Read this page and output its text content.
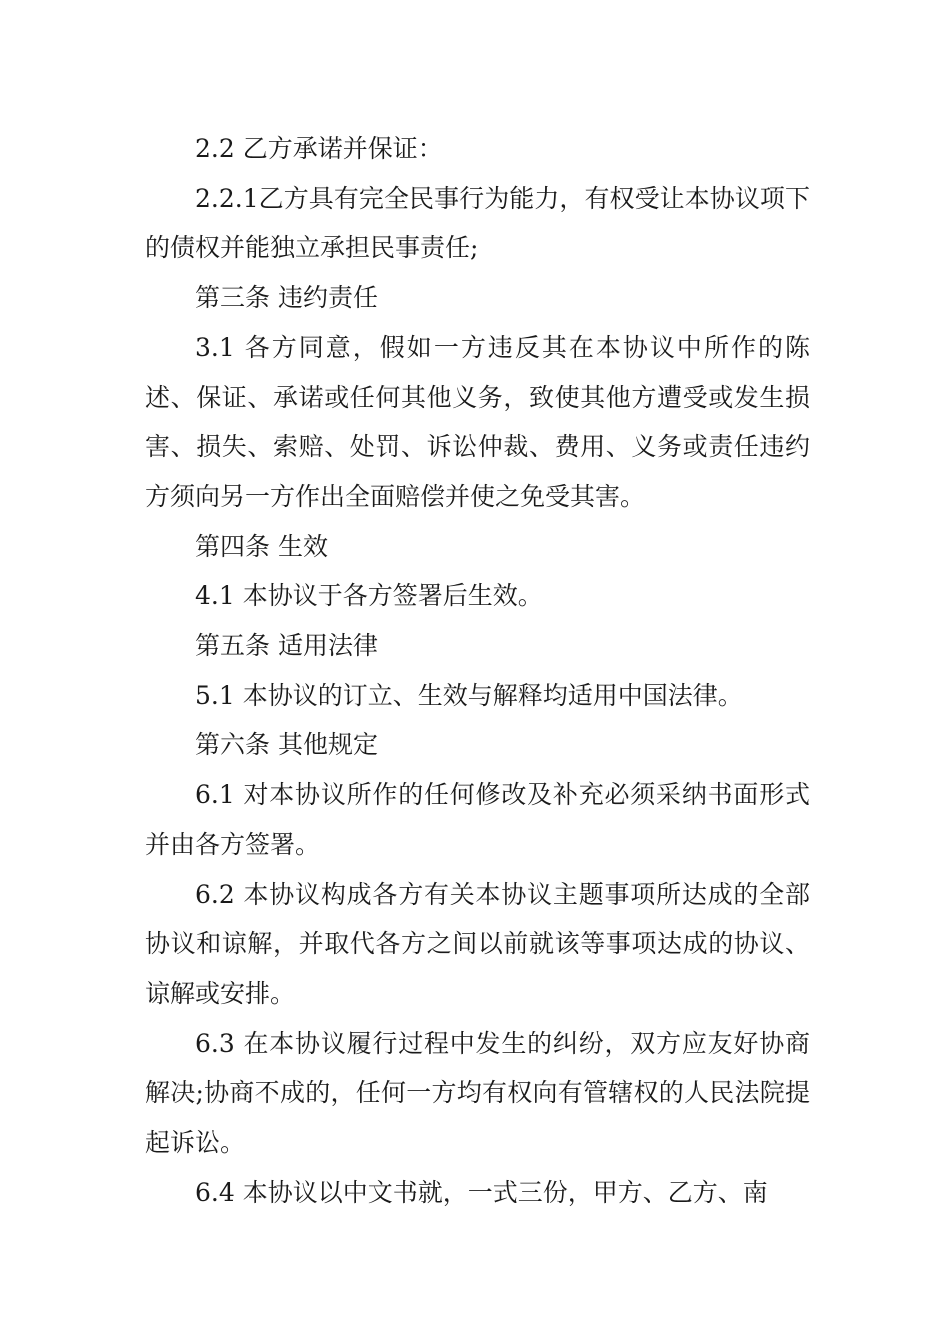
2.2 乙方承诺并保证：

2.2.1乙方具有完全民事行为能力，有权受让本协议项下的债权并能独立承担民事责任;

第三条 违约责任

3.1 各方同意，假如一方违反其在本协议中所作的陈述、保证、承诺或任何其他义务，致使其他方遭受或发生损害、损失、索赔、处罚、诉讼仲裁、费用、义务或责任违约方须向另一方作出全面赔偿并使之免受其害。

第四条 生效

4.1 本协议于各方签署后生效。

第五条 适用法律

5.1 本协议的订立、生效与解释均适用中国法律。

第六条 其他规定

6.1 对本协议所作的任何修改及补充必须采纳书面形式并由各方签署。

6.2 本协议构成各方有关本协议主题事项所达成的全部协议和谅解，并取代各方之间以前就该等事项达成的协议、谅解或安排。

6.3 在本协议履行过程中发生的纠纷，双方应友好协商解决;协商不成的，任何一方均有权向有管辖权的人民法院提起诉讼。

6.4 本协议以中文书就，一式三份，甲方、乙方、南
